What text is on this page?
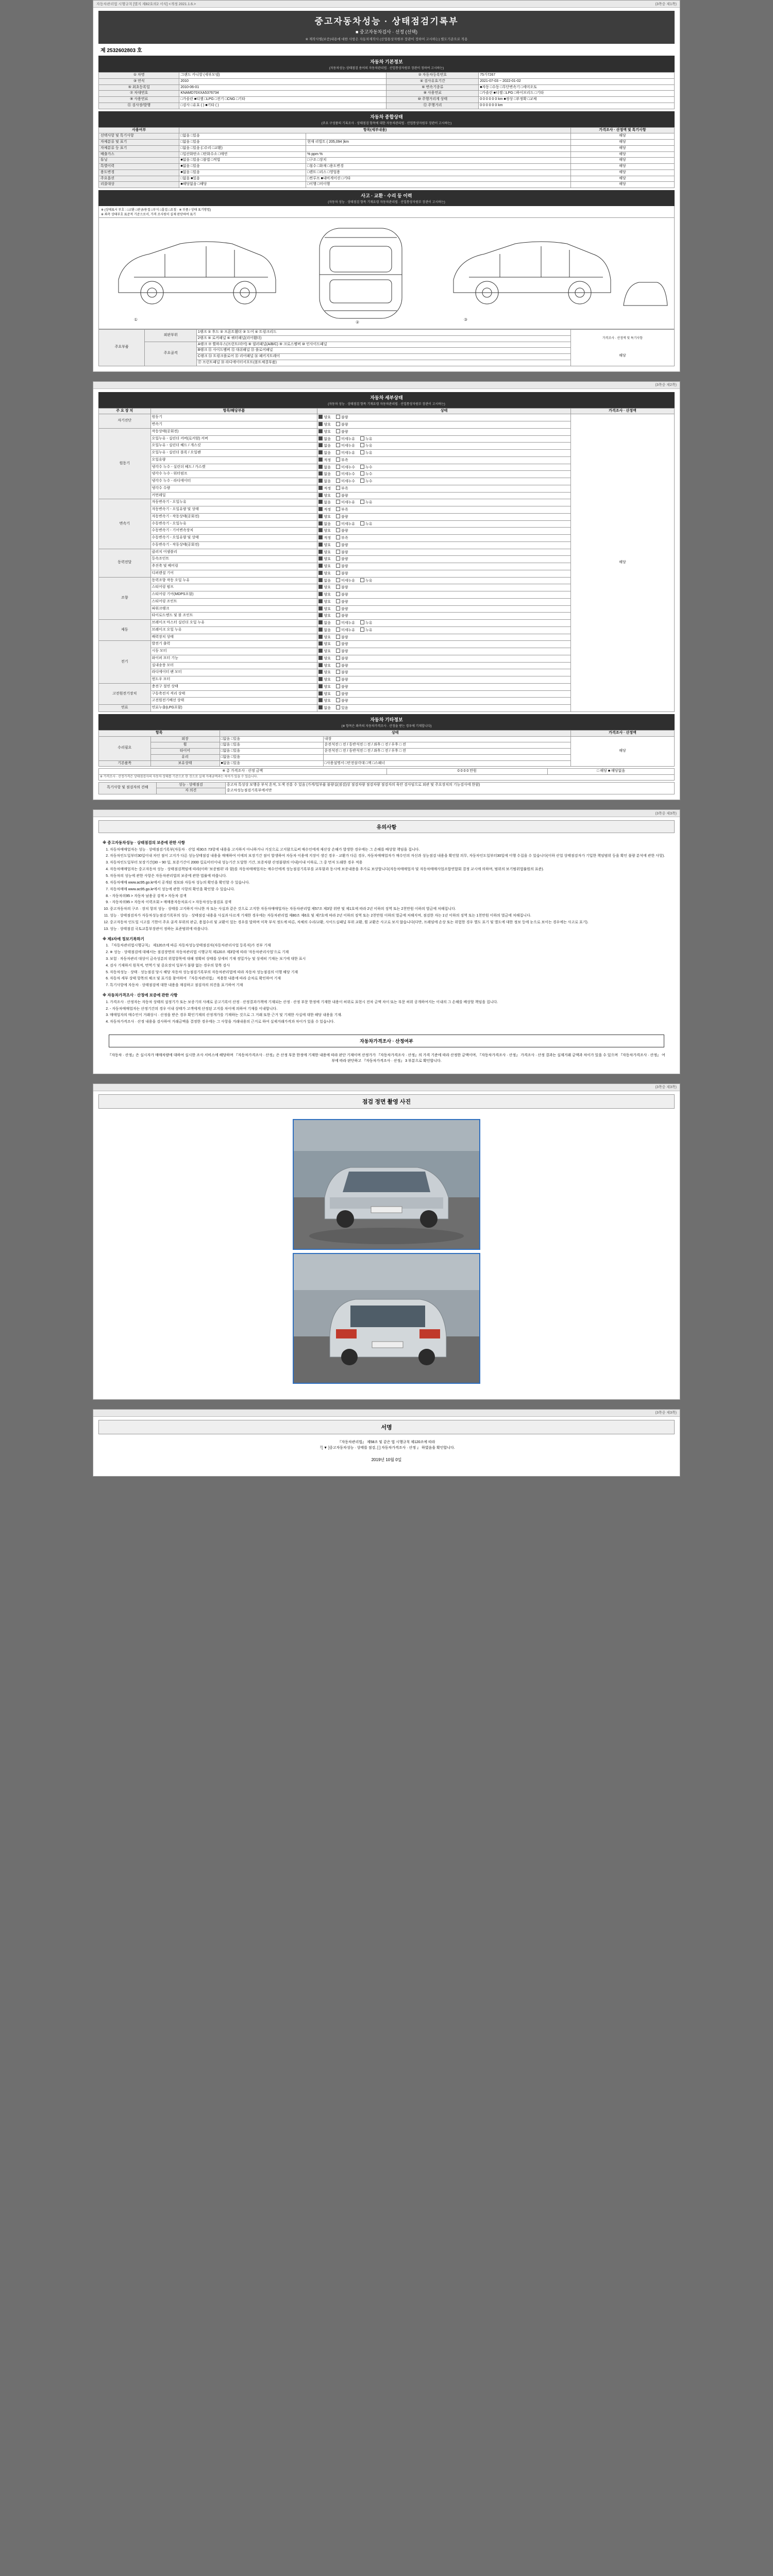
자동차관리법 시행규칙 [별지 제82호의2 서식] <개정 2021.1.6.>	(3쪽중 제1쪽)
중고자동차성능 · 상태점검기록부
■ 중고자동차검사 · 선정 (선택)
※ 제작사별(보증)내용에 대한 사항은 자동차제작사 (산업통상자원부 장관이 정하여 고시하는) 별도기준으로 적용
제 2532602803 호
자동차 기본정보
(자동차성능·상태점검 용어의 자동차관리법 · 산업통상자원부 장관이 정하여 고시하는)
① 차명	그랜드 카니발 (세부모델)	② 자동차등록번호	75가7267
③ 연식	2010	④ 검사유효기간	2021-07-03 ~ 2022-01-02
⑤ 최초등록일	2010-06-01	⑥ 변속기종류	■자동 □수동 □무단변속기 □세미오토
⑦ 차대번호	KNAMD70XXA5376734	⑧ 사용연료	□가솔린 ■디젤 □LPG □하이브리드 □기타
⑨ 사용연료	□가솔린 ■디젤 □LPG □전기 □CNG □기타	⑩ 주행거리계 상태	0 0 0 0 0 0 km ■정상 □부정확 □교체
⑪ 검사장/발행	□검사 □유효 ( ) ■기타 ( )	⑫ 주행거리	0 0 0 0 0 0 km
자동차 종합상태
(주요 구성품의 기록조사 · 상태점검 항목에 대한 자동차관리법 · 산업통상자원부 장관이 고시하는)
사용여부	항목(세부내용)		가격조사 · 산정액 및 특기사항
선택사항 및 특기사항	□없음 □있음		해당
자체분류 및 표기	□없음 □있음	현재 리빌트 ( 205,094 )km	해당
자체분류 등 표기	□없음 □있음 (□수리 □교환)		해당
배출가스	□일산화탄소 □탄화수소 □매연	% ppm %	해당
튜닝	■없음 □있음 □불법 □적법	□구조 □장치	해당
특별이력	■없음 □있음	□침수 □화재 □용도변경	해당
용도변경	■없음 □있음	□렌트 □리스 □영업용	해당
주요옵션	□없음 ■있음	□썬루프 ■내비게이션 □기타	해당
리콜대상	■해당없음 □해당	□이행 □미이행	해당
사고 · 교환 · 수리 등 이력
(자동차 성능 · 상태점검 항목 기재요령 자동차관리법 · 산업통상자원부 장관이 고시하는)
※ (상태표시 부호 : □교환 □판금/용접 □부식 □흠집 □요철 · ※ 부품 / 상태 표기방법)
※ 좌측 상태부호 표준적 기준으로서, 가격 조사원이 실제 판단하여 표기
①
②
③
주요부품	외판부위	1랭크 ① 후드 ② 프론트휀더 ③ 도어 ④ 트렁크리드	가격조사 · 산정액 및 특기사항
해당

		2랭크 ⑤ 로커패널 ⑥ 쿼터패널(리어휀더)	
	주요골격	A랭크 ⑦ 휠하우스(프런트/리어) ⑧ 필러패널(A/B/C) ⑨ 크로스멤버 ⑩ 인사이드패널	
		B랭크 ⑪ 사이드멤버 ⑫ 대쉬패널 ⑬ 플로어패널	
		C랭크 ⑭ 트렁크플로어 ⑮ 리어패널 ⑯ 패키지트레이	
		⑰ 프런트패널 ⑱ 라디에이터서포트(볼트체결부품)	
(3쪽중 제2쪽)
자동차 세부상태
(자동차 성능 · 상태점검 항목 기재요령 자동차관리법 · 산업통상자원부 장관이 고시하는)
주 요 장 치	항목/해당부품	상태	가격조사 · 산정액
자기진단	원동기	양호 불량	해당
	변속기	양호 불량	
원동기	작동상태(공회전)	양호 불량	
	오일누유 - 실린더 커버(로커암) 커버	없음 미세누유 누유	
	오일누유 - 실린더 헤드 / 개스킷	없음 미세누유 누유	
	오일누유 - 실린더 블록 / 오일팬	없음 미세누유 누유	
	오일유량	적정 부족	
	냉각수 누수 - 실린더 헤드 / 가스켓	없음 미세누수 누수	
	냉각수 누수 - 워터펌프	없음 미세누수 누수	
	냉각수 누수 - 라디에이터	없음 미세누수 누수	
	냉각수 수량	적정 부족	
	커먼레일	양호 불량	
변속기	자동변속기 - 오일누유	없음 미세누유 누유	
	자동변속기 - 오일유량 및 상태	적정 부족	
	자동변속기 - 작동상태(공회전)	양호 불량	
	수동변속기 - 오일누유	없음 미세누유 누유	
	수동변속기 - 기어변속장치	양호 불량	
	수동변속기 - 오일유량 및 상태	적정 부족	
	수동변속기 - 작동상태(공회전)	양호 불량	
동력전달	클러치 어셈블리	양호 불량	
	등속조인트	양호 불량	
	추진축 및 베어링	양호 불량	
	디퍼렌셜 기어	양호 불량	
조향	동력조향 작동 오일 누유	없음 미세누유 누유	
	스티어링 펌프	양호 불량	
	스티어링 기어(MDPS포함)	양호 불량	
	스티어링 조인트	양호 불량	
	파워크랭크	양호 불량	
	타이로드엔드 및 볼 조인트	양호 불량	
제동	브레이크 마스터 실린더 오일 누유	없음 미세누유 누유	
	브레이크 오일 누유	없음 미세누유 누유	
	배력장치 상태	양호 불량	
전기	발전기 출력	양호 불량	
	시동 모터	양호 불량	
	와이퍼 모터 기능	양호 불량	
	실내송풍 모터	양호 불량	
	라디에이터 팬 모터	양호 불량	
	윈도우 모터	양호 불량	
고전원전기장치	충전구 절연 상태	양호 불량	
	구동축전지 격리 상태	양호 불량	
	고전원전기배선 상태	양호 불량	
연료	연료누출(LPG포함)	없음 있음	
자동차 기타정보
(※ 항목은 좌측의 자동차가격조사 · 산정을 받는 경우에 기재합니다)
항목		상태		가격조사 · 산정액
수리필요	외장	□없음 □있음	내장	해당
	휠	□없음 □있음	운전석전 □ 전 / 동반석전 □ 전 / 좌후 □ 전 / 우후 □ 전	
	타이어	□없음 □있음	운전석전 □ 전 / 동반석전 □ 전 / 좌후 □ 전 / 우후 □ 전	
	유리	□없음 □있음		
기본품목	보유상태	■없음 □있음	□사용설명서 □안전삼각대 □잭 □스패너	
※ 총 가격조사 · 산정 금액	0 0 0 0 만원	□ 해당 ■ 해당없음
※ 가격조사 · 산정가격은 상태점검자의 자동차 상태를 기준으로 한 것으로 실제 거래금액과는 차이가 있을 수 있습니다.
특기사항 및 점검자의 견해	성능 · 상태점검	중고차 특성상 보행중 부식 흔적, 도색 진흥 수 있음 (가격/일부품 불량실(점검)상 점검차량 점검차량 점검자의 육안 검사임으로 외관 및 주요장치의 기능검사에 한함)
중고차성능점검기록부에서만

자 의견
(3쪽중 제3쪽)
유의사항
※ 중고자동차성능 · 상태점검의 보증에 관한 사항
1. 자동차매매업자는 성능 · 상태점검기록부(자동차 · 산업 제30조 73항에 내용을 고지하지 아니하거나 거짓으로 고지함으로써 매수인에게 재산상 손해가 발생한 경우에는 그 손해를 배상할 책임을 집니다.
2. 자동차인도일부터30일이내 차인 점이 고지가 다른 성능상태점검 내용을 매매하여 이에의 보장기간 점이 발생하여 자동차 이용에 지장이 생긴 경우 - 교환가 다른 경우, 자동차매매업자가 매수인의 자신과 성능점검 내용을 확인할 의무, 자동차인도일부터30일에 이행 수집을 수 있습니다(이하 산업 상태점검자가 기입한 책임범위 등을 확인 불량 분석에 관한 사항).
3. 자동차인도일부터 보장기간(30 ~ 90 일, 보증기간이 2000 킬로미터이내 성능기간 도달한 기간, 보증차량 산정불량의 이내)이내 이하로, 그 중 먼저 도래한 경우 적용
4. 자동차매매업자는 중고자동차 성능 · 상태점검책임에 따라(이하 '보증범위' 라 함)를 자동차매매업자는 매수인에게 성능점검기록부를 교부함과 동시에 보증내용을 추가로 보상합니다(자동차매매업자 및 자동차매매사업조합연합회 결정 교시에 의하며, 범위의 보기범위법률원의 표준).
5. 자동차의 성능에 관한 사항은 자동차관리법의 보증에 관한 법률에 따릅니다.
6. 자동차매매 www.ac95.go.kr에서 공개된 정보와 자동차 성능의 확인을 확인할 수 있습니다.
7. 자동차매매 www.ac95.go.kr에서 성능에 관한 사항의 확인을 확인할 수 있습니다.
8. - 자동차의95 > 자동차 남용공 검색 > 자동차 검색
9. - 자동차의95 > 자동차 이력조회 > 매매용자동차표시 > 자동차성능점검표 검색
10. 중고자동차의 구조 · 장치 항의 성능 · 상태를 고지하지 아니한 자 또는 사실과 같은 것으로 고지한 자동차매매업자는 자동차관리법 제57조 제3항 위반 및 제1호에 따라 2년 이하의 징역 또는 2천만원 이하의 벌금에 처해집니다.
11. 성능 · 상태점검자가 자동차성능점검기록부의 성능 · 상태점검 내용을 사실과 다르게 기재한 경우에는 자동차관리법 제80조 제6호 및 제7호에 따라 2년 이하의 징역 또는 2천만원 이하의 벌금에 처해지며, 점검한 자는 1년 이하의 징역 또는 1천만원 이하의 벌금에 처해집니다.
12. 중고자동차 인도일 시고를 기한이 주요 골격 부위의 판금, 용접수리 및 교환이 있는 경우를 말하며 미착 부식 정도에 따른, 차체의 수리/교환, 사이드실패널 부위 교환, 휠 교환은 사고로 보지 않습니다(다만, 프레임에 손상 또는 위험한 경우 별도 표기 및 별도에 대한 정보 등에 눈으로 보이는 경우에는 사고로 표기).
13. 성능 · 상태점검 국토교통부장관이 정하는 표준범위에 따릅니다.
※ 제3자에 정보기록하기
1. 『자동차관리법시행규칙』 제120조에 따른 자동차성능상태점검자(자동차관리사업 등록자)가 전부 기재
2. ※ 성능 · 상태점검에 대해서는 점검장면의 자동차관리법 시행규칙 제120조 제3항에 따라 '자동차관리사업'으로 기재
3. 보험 · 자동차관리 대상이 금속성분의 위험항목에 대해 정확히 상태를 상세히 기재 정밀가능 및 상세히 기재는 보기에 대한 표시
4. 검사 기재하지 원칙적, 번역기 및 중요장치 일부가 불량 없는 경우의 항목 검사
5. 자동차성능 · 상태 · 성능점검 당시 해당 자동차 성능점검기록부의 자동차관리법에 따라 자동차 성능점검의 이행 해당 기재
6. 자동차 세부 상태 항목의 체크 및 표기를 참여하여 『자동차관리법』 적용한 내용에 따라 순차로 확인하여 기재
7. 특기사항에 자동차 · 상태점검에 대한 내용을 재검하고 점검자의 의견을 표기하여 기재
※ 자동차가격조사 · 산정에 보증에 관한 사항
1. 가격조사 · 산정자는 자동차 상태의 설정기가 또는 보증기의 사례로 공고기록이 산정 · 산정결과가책에 기재되는 산정 · 산정 부문 한정에 기재한 내용이 허위로 표현시 전차 금액 차이 또는 부문 허위 공개하여지는 이내의 그 손해를 배상할 책임을 집니다.
2. - 자동차매매업자는 산정기간의 경우 이내 상태가 고객에게 산정된 고지를 차이에 의하여 기재를 이내합니다.
3. 매매업자의 매수인이 거래상시 · 산정을 받은 경우 확인기재의 산정개가를 기재하는 것으로 그 거래 또한 근거 및 기재한 사실에 대한 해당 내용을 기재.
4. 자동차가격조사 · 산정 내용을 검사하여 거래금액을 결정한 경우에는 그 사항을 거래내용의 근거로 하여 실제거래가격과 차이가 있을 수 있습니다.
자동차가격조사 · 산정여부
『자동차 · 산정』은 실시자가 매매차량에 대하여 실시한 조사 서비스에 해당하며 『자동차가격조사 · 산정』은 산정 부문 한정에 기재한 내용에 따라 판단 기재이며 산정가가 『자동차가격조사 · 산정』의 가격 기준에 따라 산정한 금액이며, 『자동차가격조사 · 산정』 가격조사 · 산정 결과는 실제거래 금액과 차이가 있을 수 있으며 『자동차가격조사 · 산정』 여부에 따라 판단하고 『자동차가격조사 · 산정』 3 부분으로 확인합니다.
(3쪽중 제3쪽)
점검 정면 촬영 사진
(3쪽중 제3쪽)
서명
『자동차관리법』 제58조 및 같은 법 시행규칙 제120조에 따라
『[ ▼ ]중고자동차성능 · 상태를 점검, [ ] 자동차가격조사 · 산정 』 하였음을 확인합니다.
2019년 10월 0일
